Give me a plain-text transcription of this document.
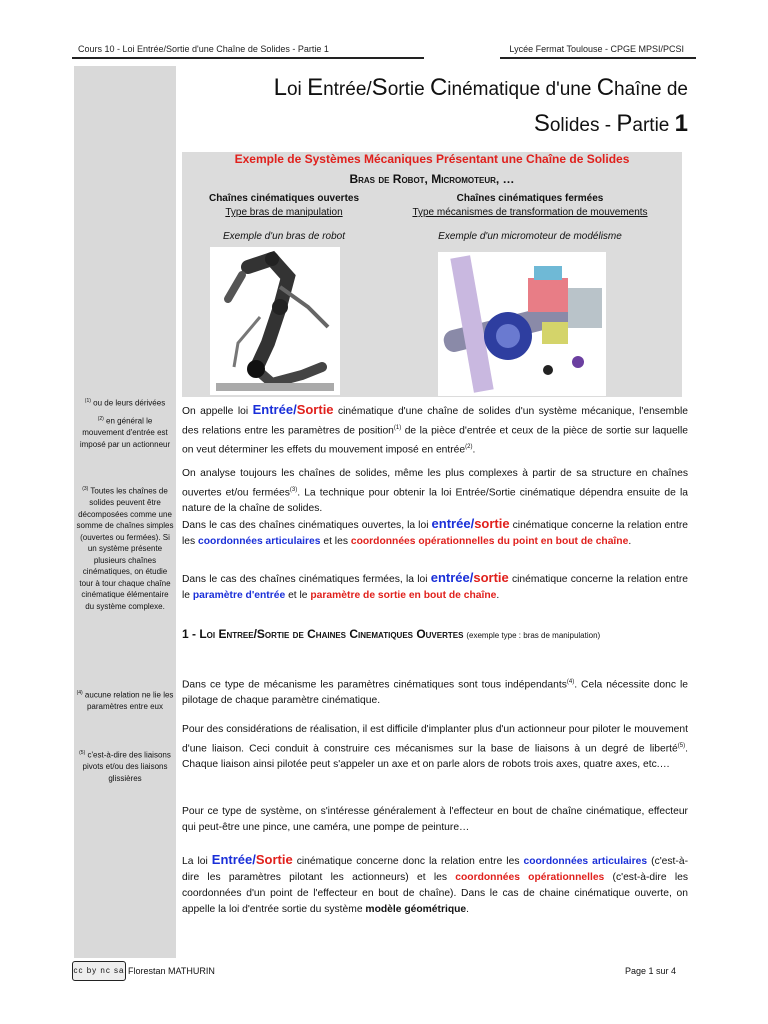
Cours 10 - Loi Entrée/Sortie d'une Chaîne de Solides - Partie 1	Lycée Fermat Toulouse - CPGE MPSI/PCSI
$^{(1)}$ ou de leurs dérivées
$^{(2)}$ en général le mouvement d'entrée est imposé par un actionneur
$^{(3)}$ Toutes les chaînes de solides peuvent être décomposées comme une somme de chaînes simples (ouvertes ou fermées). Si un système présente plusieurs chaînes cinématiques, on étudie tour à tour chaque chaîne cinématique élémentaire du système complexe.
$^{(4)}$ aucune relation ne lie les paramètres entre eux
$^{(5)}$ c'est-à-dire des liaisons pivots et/ou des liaisons glissières
Loi Entrée/Sortie Cinématique d'une Chaîne de
Solides - Partie 1
Exemple de Systèmes Mécaniques Présentant une Chaîne de Solides
Bras de Robot, Micromoteur, …
Chaînes cinématiques ouvertes
Type bras de manipulation
Exemple d'un bras de robot
Chaînes cinématiques fermées
Type mécanismes de transformation de mouvements
Exemple d'un micromoteur de modélisme
On appelle loi Entrée/Sortie cinématique d'une chaîne de solides d'un système mécanique, l'ensemble des relations entre les paramètres de position$^{(1)}$ de la pièce d'entrée et ceux de la pièce de sortie sur laquelle on veut déterminer les effets du mouvement imposé en entrée$^{(2)}$.
On analyse toujours les chaînes de solides, même les plus complexes à partir de sa structure en chaînes ouvertes et/ou fermées$^{(3)}$. La technique pour obtenir la loi Entrée/Sortie cinématique dépendra ensuite de la nature de la chaîne de solides.
Dans le cas des chaînes cinématiques ouvertes, la loi entrée/sortie cinématique concerne la relation entre les coordonnées articulaires et les coordonnées opérationnelles du point en bout de chaîne.
Dans le cas des chaînes cinématiques fermées, la loi entrée/sortie cinématique concerne la relation entre le paramètre d'entrée et le paramètre de sortie en bout de chaîne.
1 - Loi Entree/Sortie de Chaines Cinematiques Ouvertes (exemple type : bras de manipulation)
Dans ce type de mécanisme les paramètres cinématiques sont tous indépendants$^{(4)}$. Cela nécessite donc le pilotage de chaque paramètre cinématique.
Pour des considérations de réalisation, il est difficile d'implanter plus d'un actionneur pour piloter le mouvement d'une liaison. Ceci conduit à construire ces mécanismes sur la base de liaisons à un degré de liberté$^{(5)}$. Chaque liaison ainsi pilotée peut s'appeler un axe et on parle alors de robots trois axes, quatre axes, etc.…
Pour ce type de système, on s'intéresse généralement à l'effecteur en bout de chaîne cinématique, effecteur qui peut-être une pince, une caméra, une pompe de peinture…
La loi Entrée/Sortie cinématique concerne donc la relation entre les coordonnées articulaires (c'est-à-dire les paramètres pilotant les actionneurs) et les coordonnées opérationnelles (c'est-à-dire les coordonnées d'un point de l'effecteur en bout de chaîne). Dans le cas de chaine cinématique ouverte, on appelle la loi d'entrée sortie du système modèle géométrique.
cc by nc sa Florestan MATHURIN	Page 1 sur 4
